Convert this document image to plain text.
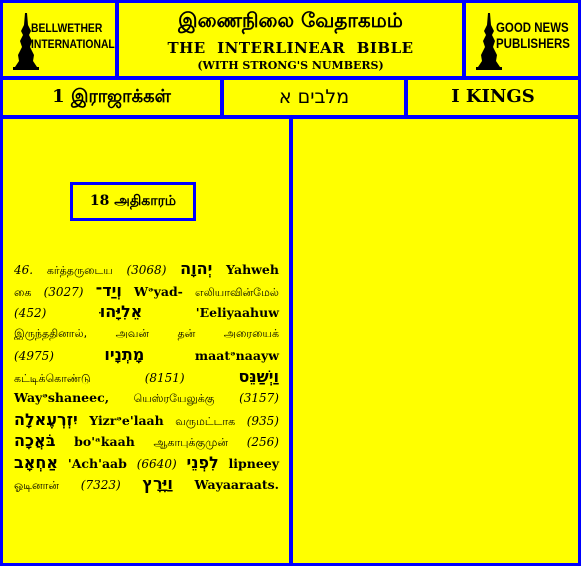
BELLWETHER
INTERNATIONAL
இணைநிலை வேதாகமம்
THE  INTERLINEAR  BIBLE
(WITH STRONG'S NUMBERS)
GOOD NEWS
PUBLISHERS
1 இராஜாக்கள்	מלבים א	I KINGS
18 அதிகாரம்
46. கர்த்தருடைய (3068) יְהוָה Yahweh
கை (3027) וְיַד־ Wᵊyad- எலியாவின்மேல்
(452)	אֵלִיָּהוּ	'Eeliyaahuw
இருந்ததினால்,	அவன்	தன்	அரையைக்
(4975)	מָתְנָיו	maatᵊnaayw
கட்டிக்கொண்டு	(8151)	וַיְשַׁנֵּס
Wayᵊshaneec, யெஸ்ரயேலுக்கு (3157)
יִזְרְעֶאלָה Yizrᵊe'laah வருமட்டாக (935)
בֹּאֲכָה bo'ᵃkaah ஆகாபுக்குமுன் (256)
אַחְאָב 'Ach'aab (6640) לִפְנֵי lipneey
ஓடினான் (7323) וַיָּרָץ Wayaaraats.
